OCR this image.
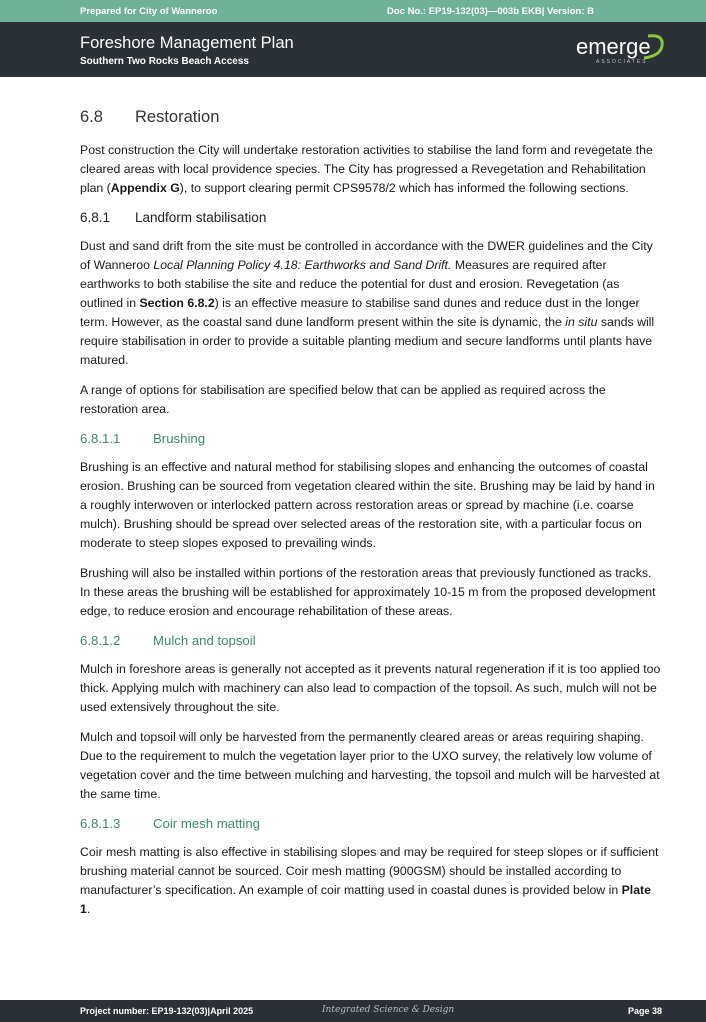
Prepared for City of Wanneroo	Doc No.: EP19-132(03)—003b EKB| Version: B
Foreshore Management Plan
Southern Two Rocks Beach Access
emerge
ASSOCIATES
6.8 Restoration

Post construction the City will undertake restoration activities to stabilise the land form and revegetate the cleared areas with local providence species. The City has progressed a Revegetation and Rehabilitation plan (Appendix G), to support clearing permit CPS9578/2 which has informed the following sections.

6.8.1 Landform stabilisation

Dust and sand drift from the site must be controlled in accordance with the DWER guidelines and the City of Wanneroo Local Planning Policy 4.18: Earthworks and Sand Drift. Measures are required after earthworks to both stabilise the site and reduce the potential for dust and erosion. Revegetation (as outlined in Section 6.8.2) is an effective measure to stabilise sand dunes and reduce dust in the longer term. However, as the coastal sand dune landform present within the site is dynamic, the in situ sands will require stabilisation in order to provide a suitable planting medium and secure landforms until plants have matured.

A range of options for stabilisation are specified below that can be applied as required across the restoration area.

6.8.1.1 Brushing

Brushing is an effective and natural method for stabilising slopes and enhancing the outcomes of coastal erosion. Brushing can be sourced from vegetation cleared within the site. Brushing may be laid by hand in a roughly interwoven or interlocked pattern across restoration areas or spread by machine (i.e. coarse mulch). Brushing should be spread over selected areas of the restoration site, with a particular focus on moderate to steep slopes exposed to prevailing winds.

Brushing will also be installed within portions of the restoration areas that previously functioned as tracks. In these areas the brushing will be established for approximately 10-15 m from the proposed development edge, to reduce erosion and encourage rehabilitation of these areas.

6.8.1.2 Mulch and topsoil

Mulch in foreshore areas is generally not accepted as it prevents natural regeneration if it is too applied too thick. Applying mulch with machinery can also lead to compaction of the topsoil. As such, mulch will not be used extensively throughout the site.

Mulch and topsoil will only be harvested from the permanently cleared areas or areas requiring shaping. Due to the requirement to mulch the vegetation layer prior to the UXO survey, the relatively low volume of vegetation cover and the time between mulching and harvesting, the topsoil and mulch will be harvested at the same time.

6.8.1.3 Coir mesh matting

Coir mesh matting is also effective in stabilising slopes and may be required for steep slopes or if sufficient brushing material cannot be sourced. Coir mesh matting (900GSM) should be installed according to manufacturer’s specification. An example of coir matting used in coastal dunes is provided below in Plate 1.

Project number: EP19-132(03)|April 2025	Integrated Science & Design	Page 38
